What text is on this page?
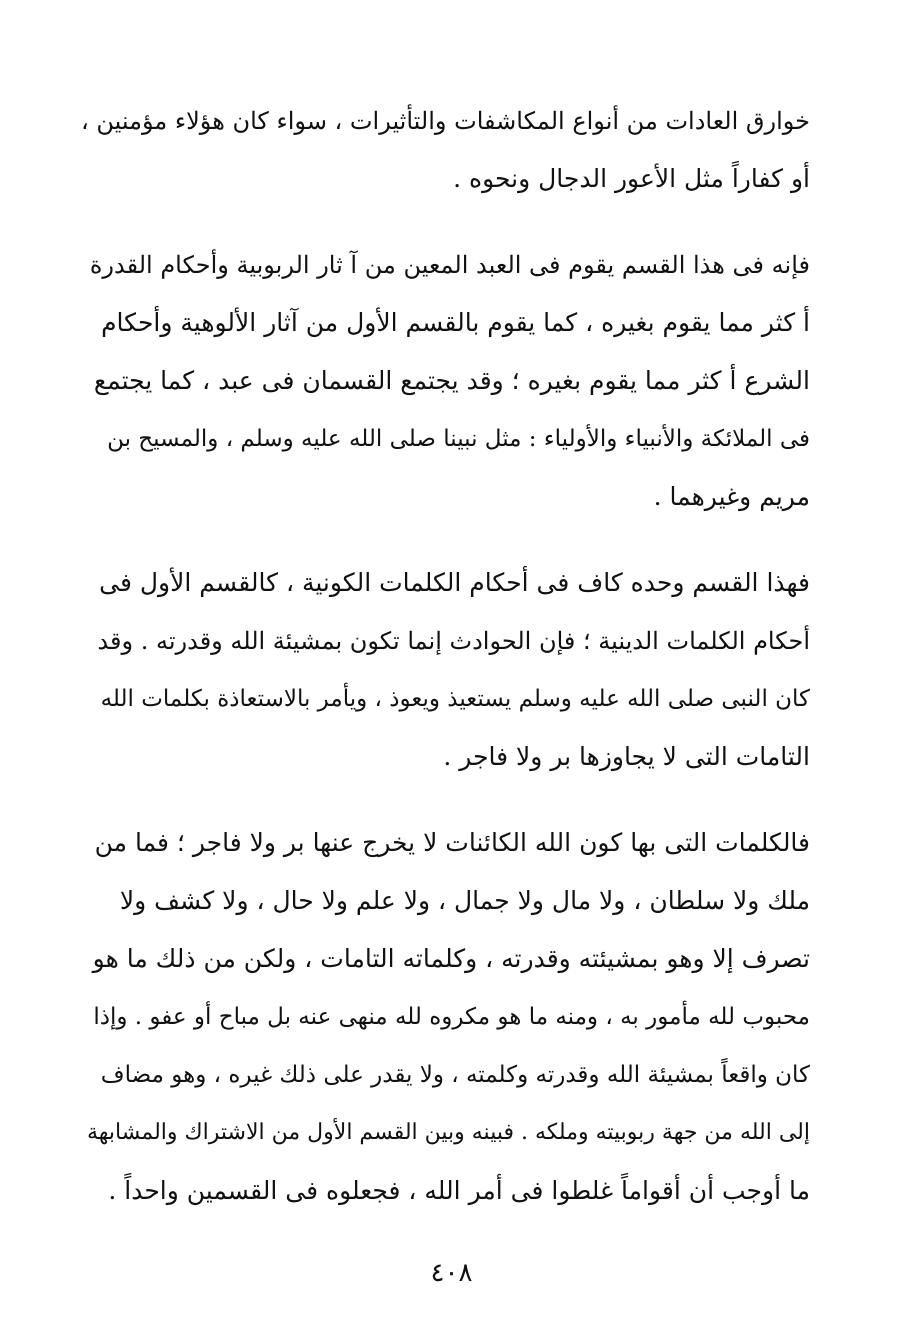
خوارق العادات من أنواع المكاشفات والتأثيرات ، سواء كان هؤلاء مؤمنين ،
أو كفاراً مثل الأعور الدجال ونحوه .

فإنه فى هذا القسم يقوم فى العبد المعين من آ ثار الربوبية وأحكام القدرة
أ كثر مما يقوم بغيره ، كما يقوم بالقسم الأول من آثار الألوهية وأحكام
الشرع أ كثر مما يقوم بغيره ؛ وقد يجتمع القسمان فى عبد ، كما يجتمع
فى الملائكة والأنبياء والأولياء : مثل نبينا صلى الله عليه وسلم ، والمسيح بن
مريم وغيرهما .

فهذا القسم وحده كاف فى أحكام الكلمات الكونية ، كالقسم الأول فى
أحكام الكلمات الدينية ؛ فإن الحوادث إنما تكون بمشيئة الله وقدرته . وقد
كان النبى صلى الله عليه وسلم يستعيذ ويعوذ ، ويأمر بالاستعاذة بكلمات الله
التامات التى لا يجاوزها بر ولا فاجر .

فالكلمات التى بها كون الله الكائنات لا يخرج عنها بر ولا فاجر ؛ فما من
ملك ولا سلطان ، ولا مال ولا جمال ، ولا علم ولا حال ، ولا كشف ولا
تصرف إلا وهو بمشيئته وقدرته ، وكلماته التامات ، ولكن من ذلك ما هو
محبوب لله مأمور به ، ومنه ما هو مكروه لله منهى عنه بل مباح أو عفو . وإذا
كان واقعاً بمشيئة الله وقدرته وكلمته ، ولا يقدر على ذلك غيره ، وهو مضاف
إلى الله من جهة ربوبيته وملكه . فبينه وبين القسم الأول من الاشتراك والمشابهة
ما أوجب أن أقواماً غلطوا فى أمر الله ، فجعلوه فى القسمين واحداً .

٤٠٨
